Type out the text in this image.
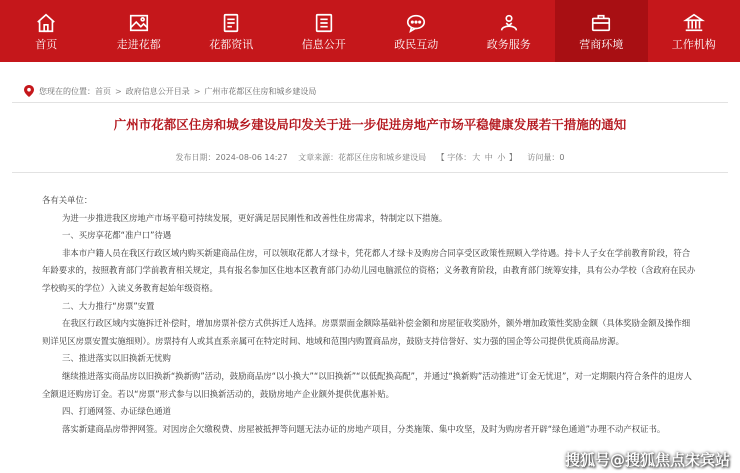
首页	走进花都	花都资讯	信息公开	政民互动	政务服务	营商环境	工作机构
您现在的位置： 首页 > 政府信息公开目录 > 广州市花都区住房和城乡建设局
广州市花都区住房和城乡建设局印发关于进一步促进房地产市场平稳健康发展若干措施的通知
发布日期：2024-08-06 14:27 文章来源：花都区住房和城乡建设局 【 字体：大 中 小 】 访问量：0

各有关单位：

为进一步推进我区房地产市场平稳可持续发展，更好满足居民刚性和改善性住房需求，特制定以下措施。

一、买房享花都“准户口”待遇

非本市户籍人员在我区行政区域内购买新建商品住房，可以领取花都人才绿卡，凭花都人才绿卡及购房合同享受区政策性照顾入学待遇。持卡人子女在学前教育阶段，符合年龄要求的，按照教育部门学前教育相关规定，具有报名参加区住地本区教育部门办幼儿园电脑派位的资格；义务教育阶段，由教育部门统筹安排，具有公办学校（含政府在民办学校购买的学位）入读义务教育起始年级资格。

二、大力推行“房票”安置

在我区行政区域内实施拆迁补偿时，增加房票补偿方式供拆迁人选择。房票票面金额除基础补偿金额和房屋征收奖励外，额外增加政策性奖励金额（具体奖励金额及操作细则详见区房票安置实施细则）。房票持有人或其直系亲属可在特定时间、地域和范围内购置商品房，鼓励支持信誉好、实力强的国企等公司提供优质商品房源。

三、推进落实以旧换新无忧购

继续推进落实商品房以旧换新“换新购”活动，鼓励商品房“以小换大”“以旧换新”“以低配换高配”，并通过“换新购”活动推进“订金无忧退”，对一定期限内符合条件的退房人全额退还购房订金。若以“房票”形式参与以旧换新活动的，鼓励房地产企业额外提供优惠补贴。

四、打通网签、办证绿色通道

落实新建商品房带押网签。对因房企欠缴税费、房屋被抵押等问题无法办证的房地产项目，分类施策、集中攻坚，及时为购房者开辟“绿色通道”办理不动产权证书。

搜狐号@搜狐焦点宋宾站
